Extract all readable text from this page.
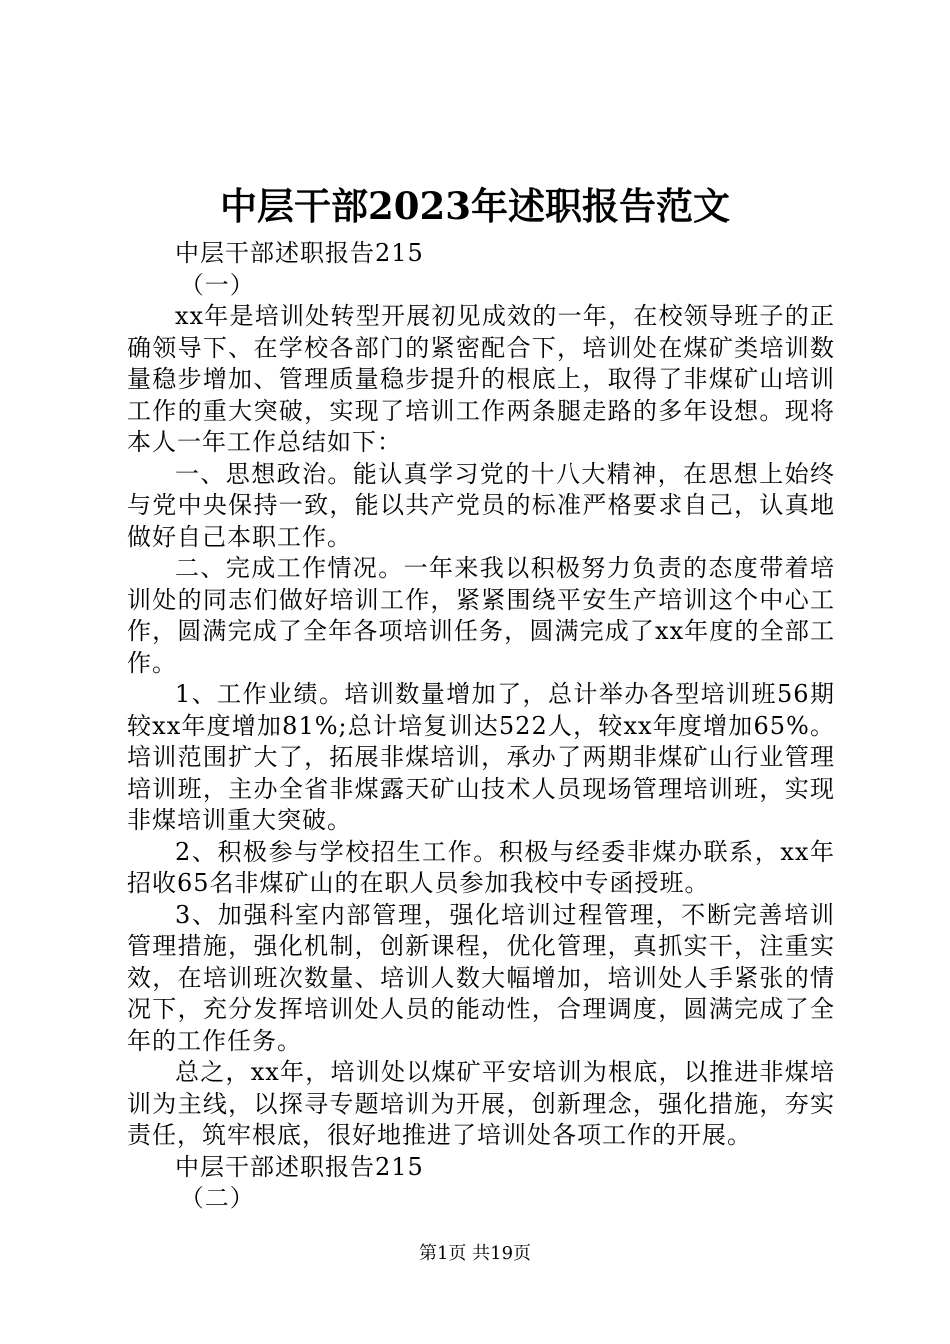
中层干部2023年述职报告范文

中层干部述职报告215

（一）

xx年是培训处转型开展初见成效的一年，在校领导班子的正确领导下、在学校各部门的紧密配合下，培训处在煤矿类培训数量稳步增加、管理质量稳步提升的根底上，取得了非煤矿山培训工作的重大突破，实现了培训工作两条腿走路的多年设想。现将本人一年工作总结如下：

一、思想政治。能认真学习党的十八大精神，在思想上始终与党中央保持一致，能以共产党员的标准严格要求自己，认真地做好自己本职工作。

二、完成工作情况。一年来我以积极努力负责的态度带着培训处的同志们做好培训工作，紧紧围绕平安生产培训这个中心工作，圆满完成了全年各项培训任务，圆满完成了xx年度的全部工作。

1、工作业绩。培训数量增加了，总计举办各型培训班56期较xx年度增加81%;总计培复训达522人，较xx年度增加65%。培训范围扩大了，拓展非煤培训，承办了两期非煤矿山行业管理培训班，主办全省非煤露天矿山技术人员现场管理培训班，实现非煤培训重大突破。

2、积极参与学校招生工作。积极与经委非煤办联系，xx年招收65名非煤矿山的在职人员参加我校中专函授班。

3、加强科室内部管理，强化培训过程管理，不断完善培训管理措施，强化机制，创新课程，优化管理，真抓实干，注重实效，在培训班次数量、培训人数大幅增加，培训处人手紧张的情况下，充分发挥培训处人员的能动性，合理调度，圆满完成了全年的工作任务。

总之，xx年，培训处以煤矿平安培训为根底，以推进非煤培训为主线，以探寻专题培训为开展，创新理念，强化措施，夯实责任，筑牢根底，很好地推进了培训处各项工作的开展。

中层干部述职报告215

（二）

第1页 共19页
